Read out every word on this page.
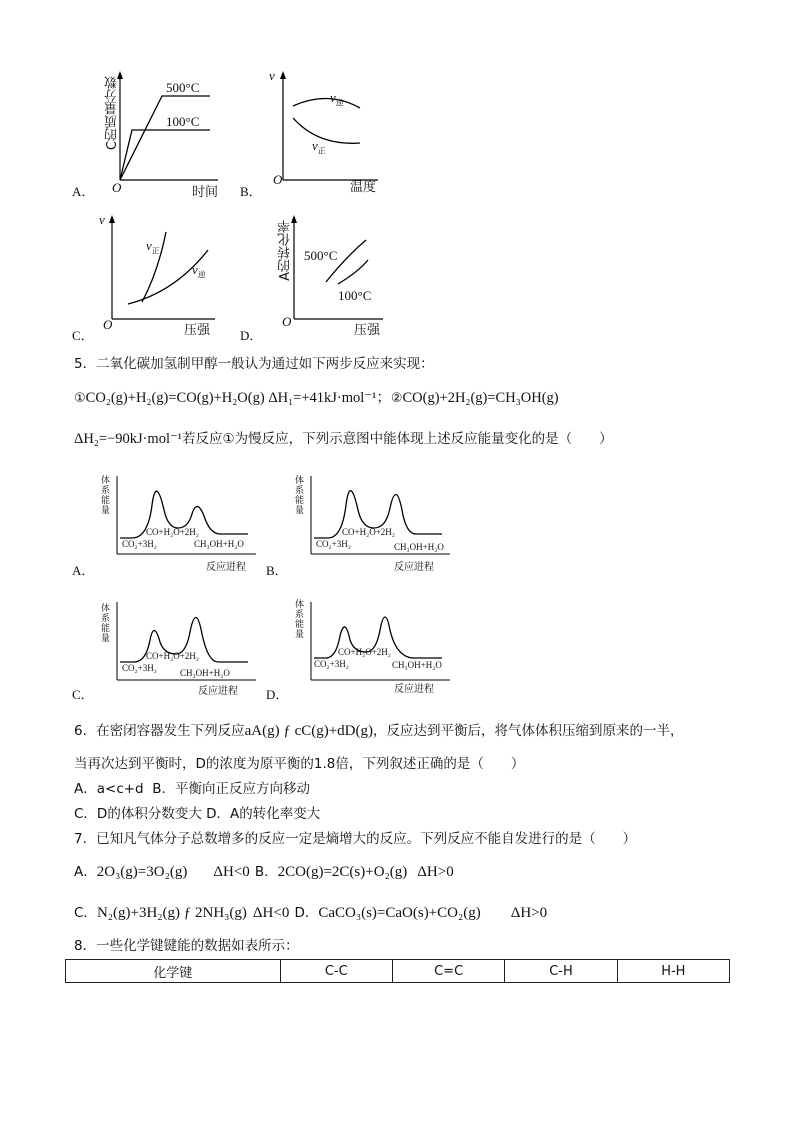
A．
C的质量分数
O	时间
500°C
100°C
B．
v
O
温度
$v_逆$
$v_正$
C．
v
O	压强
$v_正$
$v_逆$
D．
A的转化率
O
压强
500°C
100°C
5．二氧化碳加氢制甲醇一般认为通过如下两步反应来实现：
①CO₂(g)+H₂(g)=CO(g)+H₂O(g) ΔH₁=+41kJ·mol⁻¹；②CO(g)+2H₂(g)=CH₃OH(g)
ΔH₂=−90kJ·mol⁻¹若反应①为慢反应，下列示意图中能体现上述反应能量变化的是（　　）
A．
体
系
能
量
CO+H₂O+2H₂
CO₂+3H₂	CH₃OH+H₂O
反应进程 B．
体
系
能
量
CO+H₂O+2H₂
CO₂+3H₂	CH₃OH+H₂O
反应进程
C．
体
系
能
量
CO+H₂O+2H₂
CO₂+3H₂	CH₃OH+H₂O
反应进程 D．
体
系
能
量
CO+H₂O+2H₂
CO₂+3H₂	CH₃OH+H₂O
反应进程
6．在密闭容器发生下列反应aA(g) ƒ cC(g)+dD(g)，反应达到平衡后，将气体体积压缩到原来的一半，
当再次达到平衡时，D的浓度为原平衡的1.8倍，下列叙述正确的是（　　）
A．a<c+d B．平衡向正反应方向移动
C．D的体积分数变大 D．A的转化率变大
7．已知凡气体分子总数增多的反应一定是熵增大的反应。下列反应不能自发进行的是（　　）
A．2O₃(g)=3O₂(g) ΔH<0 B．2CO(g)=2C(s)+O₂(g) ΔH>0
C．N₂(g)+3H₂(g) ƒ 2NH₃(g) ΔH<0 D．CaCO₃(s)=CaO(s)+CO₂(g) ΔH>0
8．一些化学键键能的数据如表所示：
化学键	C-C	C=C	C-H	H-H
